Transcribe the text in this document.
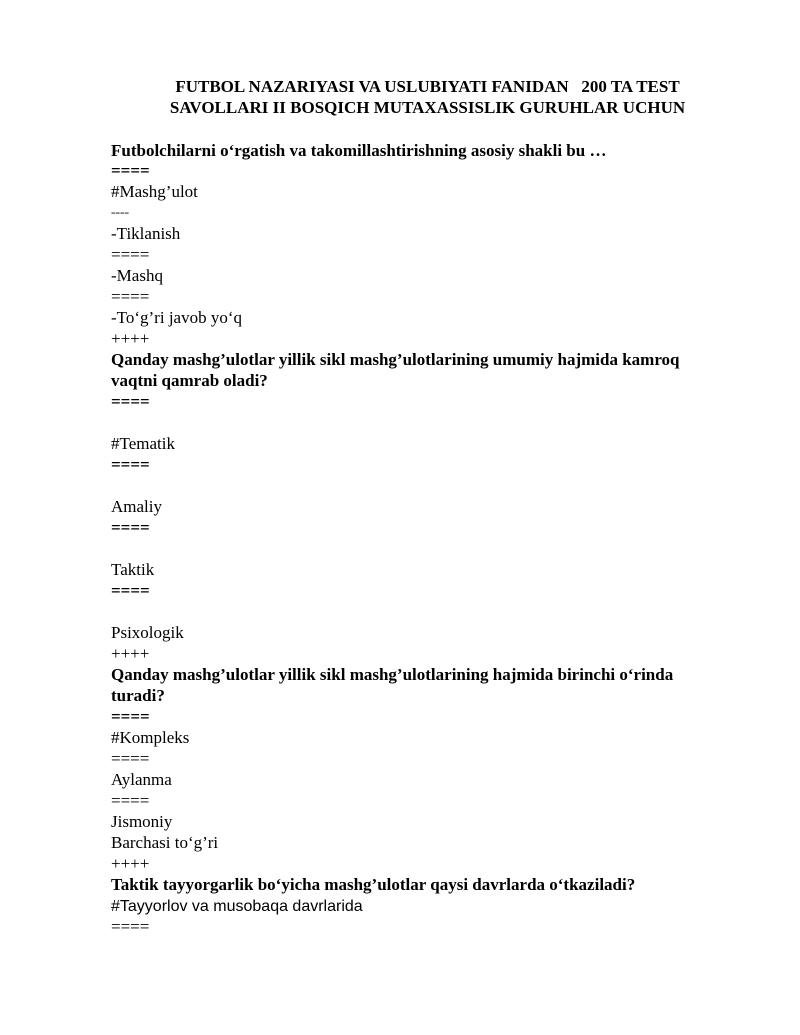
FUTBOL NAZARIYASI VA USLUBIYATI FANIDAN   200 TA TEST
SAVOLLARI II BOSQICH MUTAXASSISLIK GURUHLAR UCHUN
Futbolchilarni o‘rgatish va takomillashtirishning asosiy shakli bu …
====
#Mashg’ulot
====
-Tiklanish
====
-Mashq
====
-To‘g’ri javob yo‘q
++++
Qanday mashg’ulotlar yillik sikl mashg’ulotlarining umumiy hajmida kamroq
vaqtni qamrab oladi?
====
#Tematik
====
Amaliy
====
Taktik
====
Psixologik
++++
Qanday mashg’ulotlar yillik sikl mashg’ulotlarining hajmida birinchi o‘rinda
turadi?
====
#Kompleks
====
Aylanma
====
Jismoniy
Barchasi to‘g’ri
++++
Taktik tayyorgarlik bo‘yicha mashg’ulotlar qaysi davrlarda o‘tkaziladi?
#Tayyorlov va musobaqa davrlarida
====
